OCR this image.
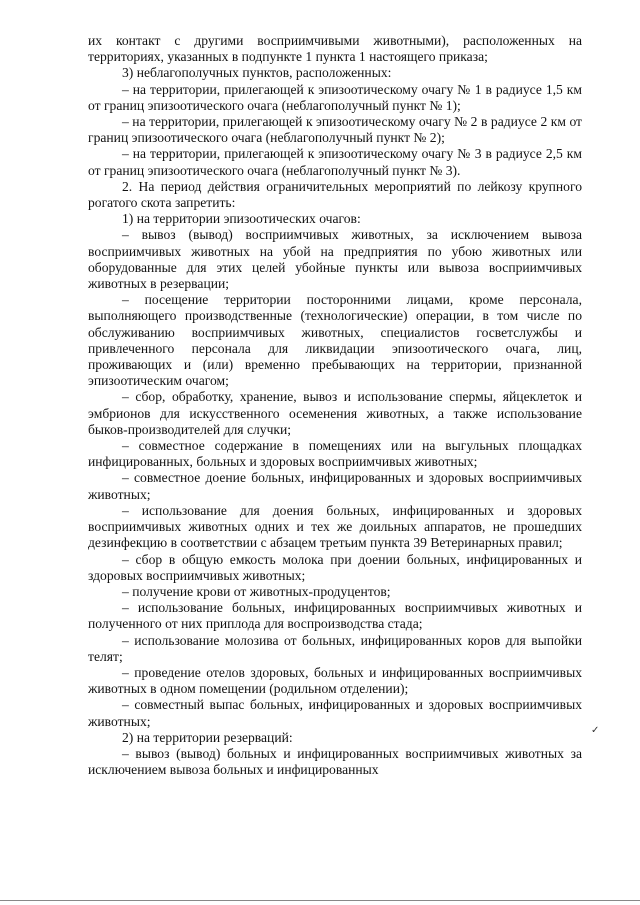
их контакт с другими восприимчивыми животными), расположенных на территориях, указанных в подпункте 1 пункта 1 настоящего приказа;

3) неблагополучных пунктов, расположенных:

– на территории, прилегающей к эпизоотическому очагу № 1 в радиусе 1,5 км от границ эпизоотического очага (неблагополучный пункт № 1);

– на территории, прилегающей к эпизоотическому очагу № 2 в радиусе 2 км от границ эпизоотического очага (неблагополучный пункт № 2);

– на территории, прилегающей к эпизоотическому очагу № 3 в радиусе 2,5 км от границ эпизоотического очага (неблагополучный пункт № 3).

2. На период действия ограничительных мероприятий по лейкозу крупного рогатого скота запретить:

1) на территории эпизоотических очагов:

– вывоз (вывод) восприимчивых животных, за исключением вывоза восприимчивых животных на убой на предприятия по убою животных или оборудованные для этих целей убойные пункты или вывоза восприимчивых животных в резервации;

– посещение территории посторонними лицами, кроме персонала, выполняющего производственные (технологические) операции, в том числе по обслуживанию восприимчивых животных, специалистов госветслужбы и привлеченного персонала для ликвидации эпизоотического очага, лиц, проживающих и (или) временно пребывающих на территории, признанной эпизоотическим очагом;

– сбор, обработку, хранение, вывоз и использование спермы, яйцеклеток и эмбрионов для искусственного осеменения животных, а также использование быков-производителей для случки;

– совместное содержание в помещениях или на выгульных площадках инфицированных, больных и здоровых восприимчивых животных;

– совместное доение больных, инфицированных и здоровых восприимчивых животных;

– использование для доения больных, инфицированных и здоровых восприимчивых животных одних и тех же доильных аппаратов, не прошедших дезинфекцию в соответствии с абзацем третьим пункта 39 Ветеринарных правил;

– сбор в общую емкость молока при доении больных, инфицированных и здоровых восприимчивых животных;

– получение крови от животных-продуцентов;

– использование больных, инфицированных восприимчивых животных и полученного от них приплода для воспроизводства стада;

– использование молозива от больных, инфицированных коров для выпойки телят;

– проведение отелов здоровых, больных и инфицированных восприимчивых животных в одном помещении (родильном отделении);

– совместный выпас больных, инфицированных и здоровых восприимчивых животных;

2) на территории резерваций:

– вывоз (вывод) больных и инфицированных восприимчивых животных за исключением вывоза больных и инфицированных

✓
